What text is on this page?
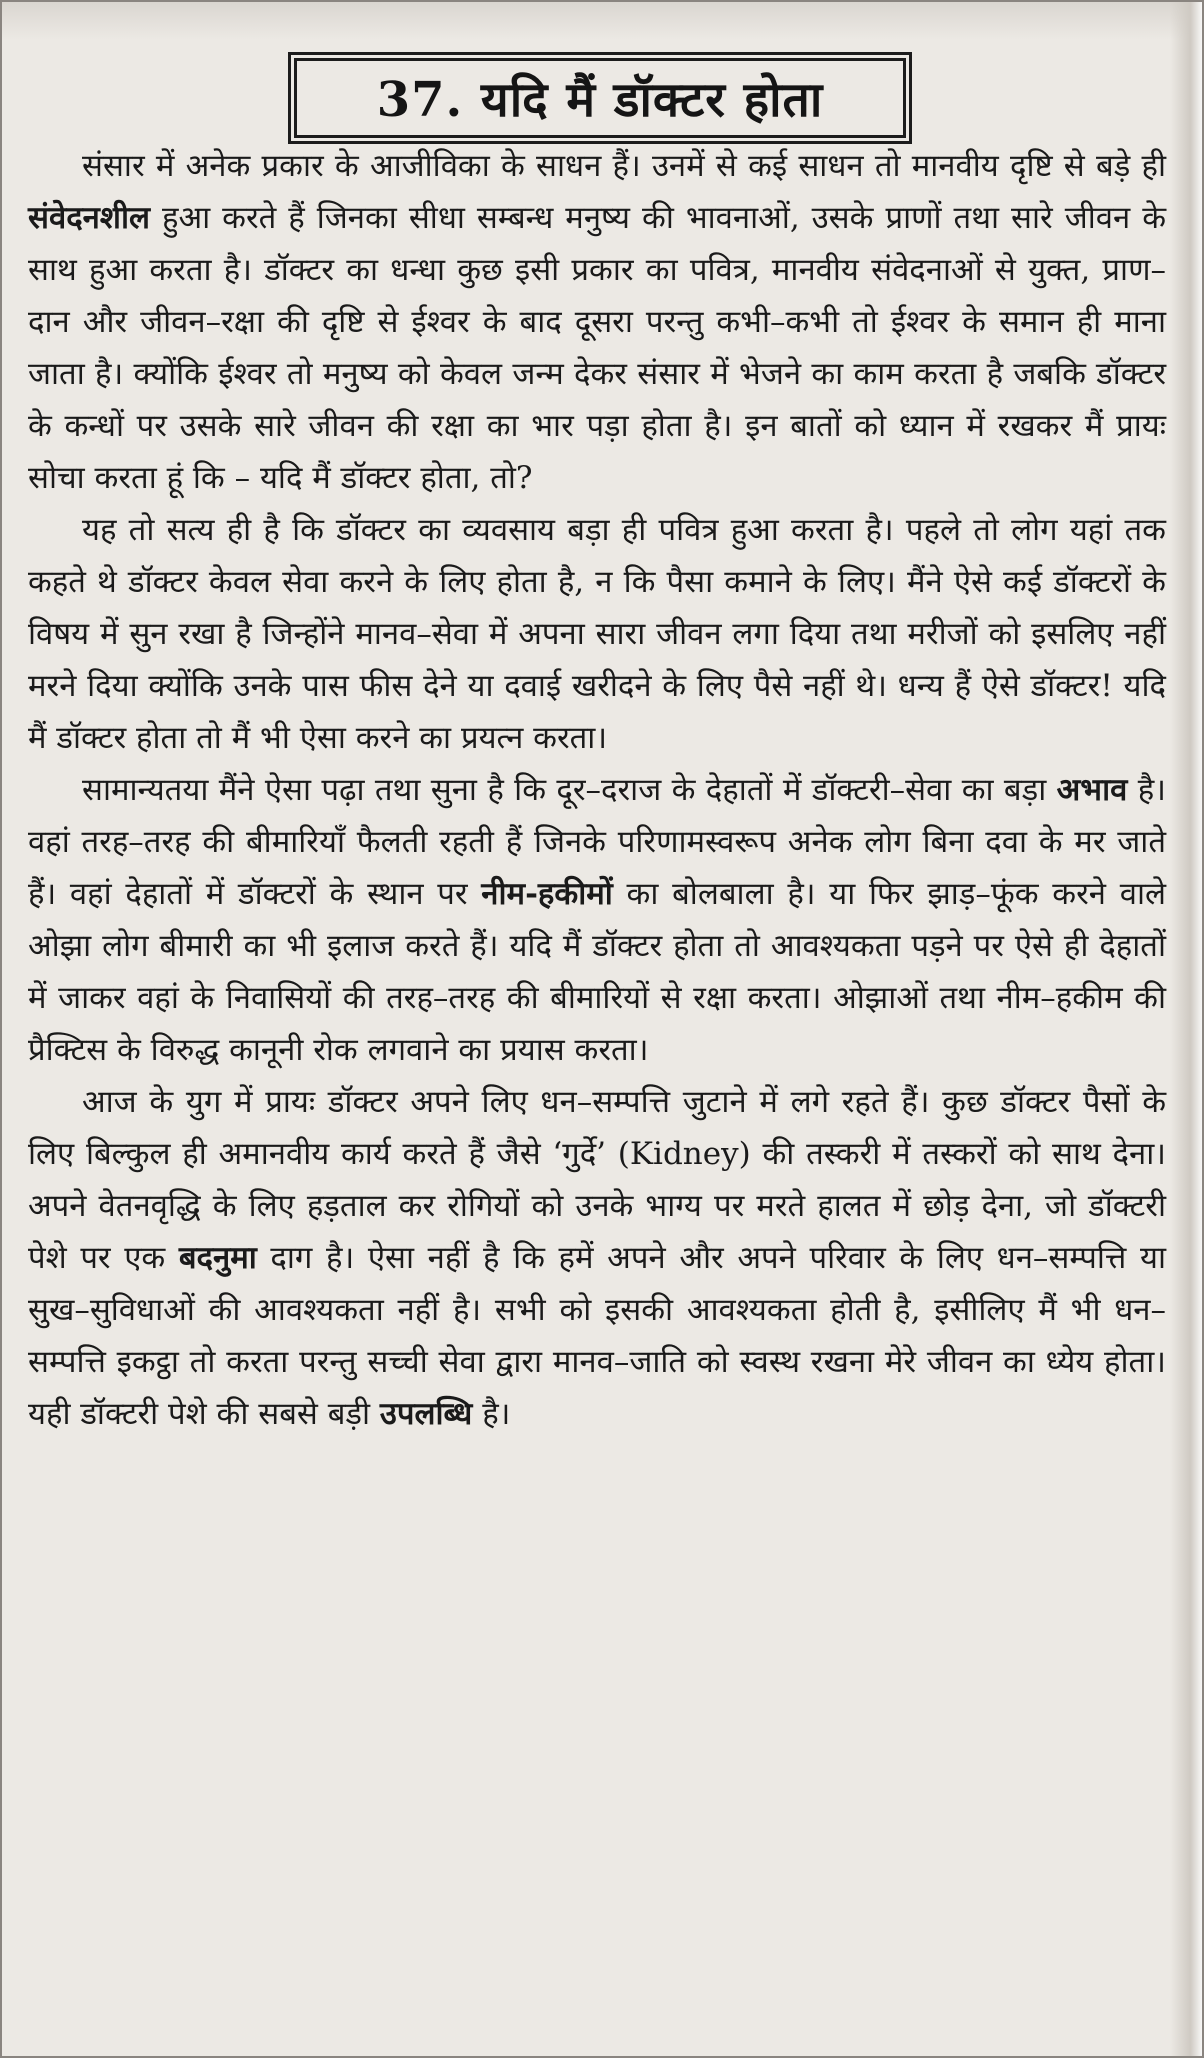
37. यदि मैं डॉक्टर होता

संसार में अनेक प्रकार के आजीविका के साधन हैं। उनमें से कई साधन तो मानवीय दृष्टि से बड़े ही संवेदनशील हुआ करते हैं जिनका सीधा सम्बन्ध मनुष्य की भावनाओं, उसके प्राणों तथा सारे जीवन के साथ हुआ करता है। डॉक्टर का धन्धा कुछ इसी प्रकार का पवित्र, मानवीय संवेदनाओं से युक्त, प्राण–दान और जीवन–रक्षा की दृष्टि से ईश्वर के बाद दूसरा परन्तु कभी–कभी तो ईश्वर के समान ही माना जाता है। क्योंकि ईश्वर तो मनुष्य को केवल जन्म देकर संसार में भेजने का काम करता है जबकि डॉक्टर के कन्धों पर उसके सारे जीवन की रक्षा का भार पड़ा होता है। इन बातों को ध्यान में रखकर मैं प्रायः सोचा करता हूं कि – यदि मैं डॉक्टर होता, तो?

यह तो सत्य ही है कि डॉक्टर का व्यवसाय बड़ा ही पवित्र हुआ करता है। पहले तो लोग यहां तक कहते थे डॉक्टर केवल सेवा करने के लिए होता है, न कि पैसा कमाने के लिए। मैंने ऐसे कई डॉक्टरों के विषय में सुन रखा है जिन्होंने मानव–सेवा में अपना सारा जीवन लगा दिया तथा मरीजों को इसलिए नहीं मरने दिया क्योंकि उनके पास फीस देने या दवाई खरीदने के लिए पैसे नहीं थे। धन्य हैं ऐसे डॉक्टर! यदि मैं डॉक्टर होता तो मैं भी ऐसा करने का प्रयत्न करता।

सामान्यतया मैंने ऐसा पढ़ा तथा सुना है कि दूर–दराज के देहातों में डॉक्टरी–सेवा का बड़ा अभाव है। वहां तरह–तरह की बीमारियाँ फैलती रहती हैं जिनके परिणामस्वरूप अनेक लोग बिना दवा के मर जाते हैं। वहां देहातों में डॉक्टरों के स्थान पर नीम-हकीमों का बोलबाला है। या फिर झाड़–फूंक करने वाले ओझा लोग बीमारी का भी इलाज करते हैं। यदि मैं डॉक्टर होता तो आवश्यकता पड़ने पर ऐसे ही देहातों में जाकर वहां के निवासियों की तरह–तरह की बीमारियों से रक्षा करता। ओझाओं तथा नीम–हकीम की प्रैक्टिस के विरुद्ध कानूनी रोक लगवाने का प्रयास करता।

आज के युग में प्रायः डॉक्टर अपने लिए धन–सम्पत्ति जुटाने में लगे रहते हैं। कुछ डॉक्टर पैसों के लिए बिल्कुल ही अमानवीय कार्य करते हैं जैसे ‘गुर्दे’ (Kidney) की तस्करी में तस्करों को साथ देना। अपने वेतनवृद्धि के लिए हड़ताल कर रोगियों को उनके भाग्य पर मरते हालत में छोड़ देना, जो डॉक्टरी पेशे पर एक बदनुमा दाग है। ऐसा नहीं है कि हमें अपने और अपने परिवार के लिए धन–सम्पत्ति या सुख–सुविधाओं की आवश्यकता नहीं है। सभी को इसकी आवश्यकता होती है, इसीलिए मैं भी धन–सम्पत्ति इकट्ठा तो करता परन्तु सच्ची सेवा द्वारा मानव–जाति को स्वस्थ रखना मेरे जीवन का ध्येय होता। यही डॉक्टरी पेशे की सबसे बड़ी उपलब्धि है।
